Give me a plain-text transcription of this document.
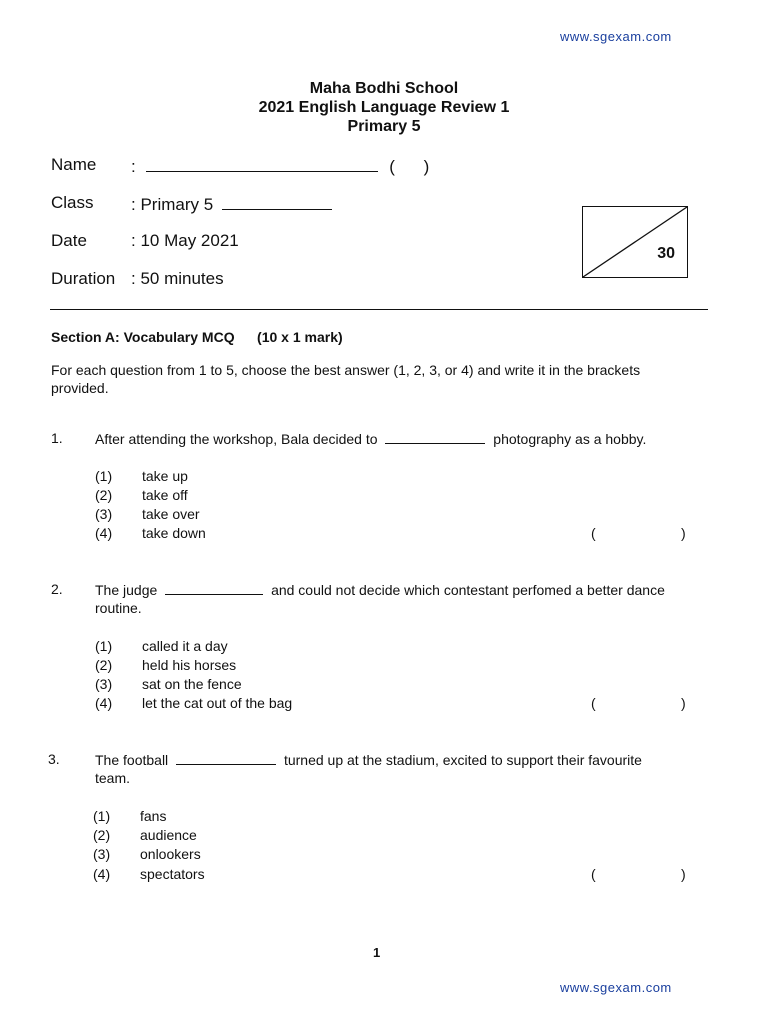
www.sgexam.com
Maha Bodhi School
2021 English Language Review 1
Primary 5
Name :	( )
Class : Primary 5
Date	: 10 May 2021
Duration : 50 minutes
30
Section A: Vocabulary MCQ (10 x 1 mark)
For each question from 1 to 5, choose the best answer (1, 2, 3, or 4) and write it in the brackets
provided.
1. After attending the workshop, Bala decided to	photography as a hobby.
(1) take up
(2) take off
(3) take over
(4) take down	(	)
2. The judge	and could not decide which contestant perfomed a better dance
routine.
(1) called it a day
(2) held his horses
(3) sat on the fence
(4) let the cat out of the bag	(	)
3.	The football	turned up at the stadium, excited to support their favourite
team.
(1) fans
(2) audience
(3) onlookers
(4) spectators	(	)
1
www.sgexam.com
